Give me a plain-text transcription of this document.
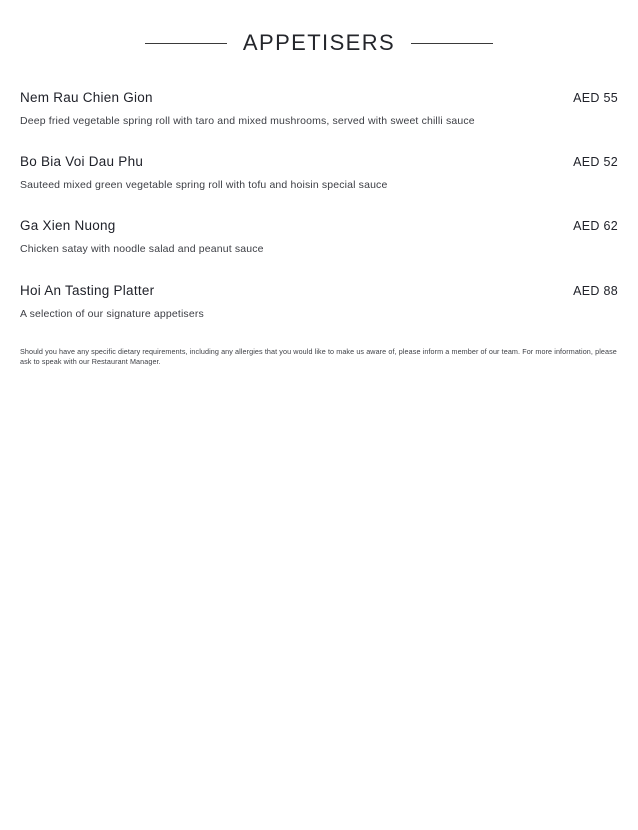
APPETISERS
Nem Rau Chien Gion	AED 55
Deep fried vegetable spring roll with taro and mixed mushrooms, served with sweet chilli sauce
Bo Bia Voi Dau Phu	AED 52
Sauteed mixed green vegetable spring roll with tofu and hoisin special sauce
Ga Xien Nuong	AED 62
Chicken satay with noodle salad and peanut sauce
Hoi An Tasting Platter	AED 88
A selection of our signature appetisers
Should you have any specific dietary requirements, including any allergies that you would like to make us aware of, please inform a member of our team. For more information, please ask to speak with our Restaurant Manager.
